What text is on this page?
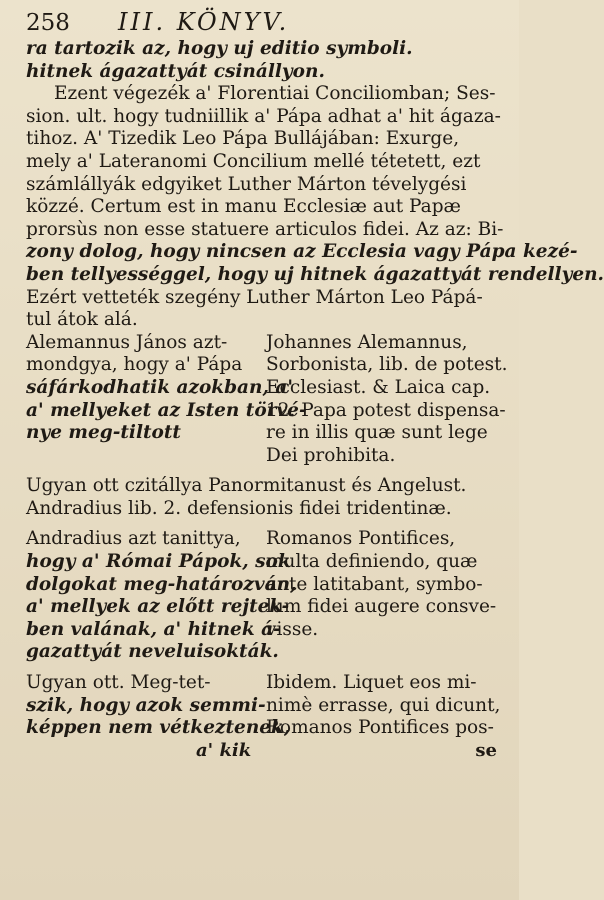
258	III. KÖNYV.
ra tartozik az, hogy uj editio symboli.
hitnek ágazattyát csinállyon.
Ezent végezék a' Florentiai Conciliomban; Ses-
sion. ult. hogy tudniillik a' Pápa adhat a' hit ágaza-
tihoz. A' Tizedik Leo Pápa Bullájában: Exurge,
mely a' Lateranomi Concilium mellé tétetett, ezt
számlállyák edgyiket Luther Márton tévelygési
közzé. Certum est in manu Ecclesiæ aut Papæ
prorsùs non esse statuere articulos fidei. Az az: Bi-
zony dolog, hogy nincsen az Ecclesia vagy Pápa kezé-
ben tellyességgel, hogy uj hitnek ágazattyát rendellyen.
Ezért vetteték szegény Luther Márton Leo Pápá-
tul átok alá.
Alemannus János azt-
mondgya, hogy a' Pápa
sáfárkodhatik azokban, a'
a' mellyeket az Isten törvé-
nye meg-tiltott
Johannes Alemannus,
Sorbonista, lib. de potest.
Ecclesiast. & Laica cap.
12. Papa potest dispensa-
re in illis quæ sunt lege
Dei prohibita.
Ugyan ott czitállya Panormitanust és Angelust.
Andradius lib. 2. defensionis fidei tridentinæ.
Andradius azt tanittya,
hogy a' Római Pápok, sok
dolgokat meg-határozván,
a' mellyek az előtt rejtek-
ben valának, a' hitnek á-
gazattyát neveluisokták.
Romanos Pontifices,
multa definiendo, quæ
ante latitabant, symbo-
lum fidei augere consve-
visse.
Ugyan ott. Meg-tet-
szik, hogy azok semmi-
képpen nem vétkeztenek,
Ibidem. Liquet eos mi-
nimè errasse, qui dicunt,
Romanos Pontifices pos-
a' kik	se
